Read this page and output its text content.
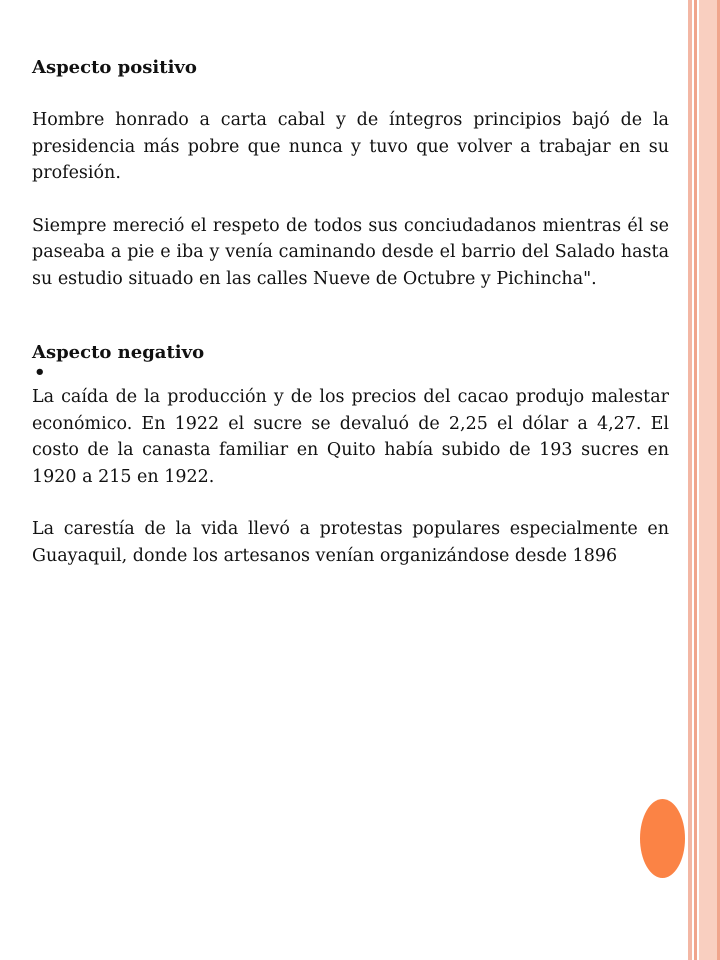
Aspecto positivo

Hombre honrado a carta cabal y de íntegros principios bajó de la presidencia más pobre que nunca y tuvo que volver a trabajar en su profesión.

Siempre mereció el respeto de todos sus conciudadanos mientras él se paseaba a pie e iba y venía caminando desde el barrio del Salado hasta su estudio situado en las calles Nueve de Octubre y Pichincha".

Aspecto negativo

•

La caída de la producción y de los precios del cacao produjo malestar económico. En 1922 el sucre se devaluó de 2,25 el dólar a 4,27. El costo de la canasta familiar en Quito había subido de 193 sucres en 1920 a 215 en 1922.

La carestía de la vida llevó a protestas populares especialmente en Guayaquil, donde los artesanos venían organizándose desde 1896
